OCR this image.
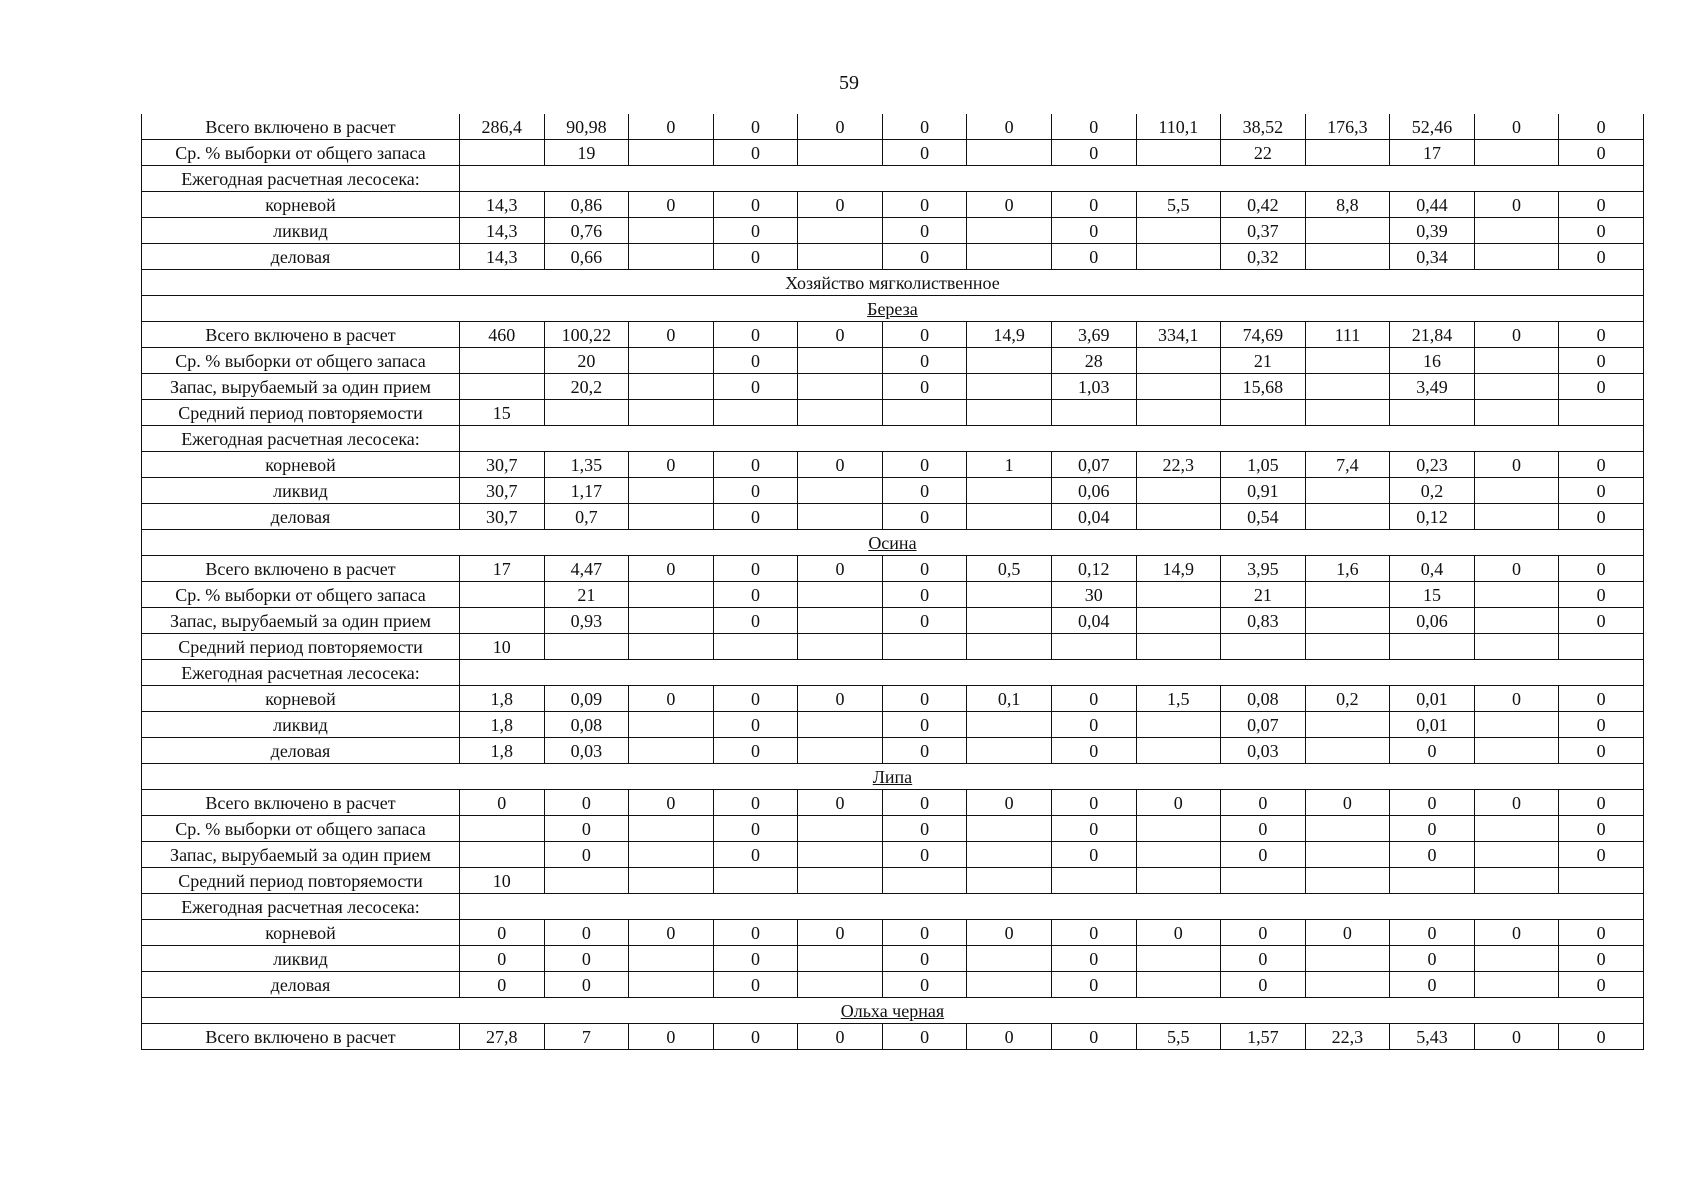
59
Всего включено в расчет	286,4	90,98	0	0	0	0	0	0	110,1	38,52	176,3	52,46	0	0
Ср. % выборки от общего запаса		19		0		0		0		22		17		0
Ежегодная расчетная лесосека:														
корневой	14,3	0,86	0	0	0	0	0	0	5,5	0,42	8,8	0,44	0	0
ликвид	14,3	0,76		0		0		0		0,37		0,39		0
деловая	14,3	0,66		0		0		0		0,32		0,34		0
Хозяйство мягколиственное														
Береза														
Всего включено в расчет	460	100,22	0	0	0	0	14,9	3,69	334,1	74,69	111	21,84	0	0
Ср. % выборки от общего запаса		20		0		0		28		21		16		0
Запас, вырубаемый за один прием		20,2		0		0		1,03		15,68		3,49		0
Средний период повторяемости	15													
Ежегодная расчетная лесосека:														
корневой	30,7	1,35	0	0	0	0	1	0,07	22,3	1,05	7,4	0,23	0	0
ликвид	30,7	1,17		0		0		0,06		0,91		0,2		0
деловая	30,7	0,7		0		0		0,04		0,54		0,12		0
Осина														
Всего включено в расчет	17	4,47	0	0	0	0	0,5	0,12	14,9	3,95	1,6	0,4	0	0
Ср. % выборки от общего запаса		21		0		0		30		21		15		0
Запас, вырубаемый за один прием		0,93		0		0		0,04		0,83		0,06		0
Средний период повторяемости	10													
Ежегодная расчетная лесосека:														
корневой	1,8	0,09	0	0	0	0	0,1	0	1,5	0,08	0,2	0,01	0	0
ликвид	1,8	0,08		0		0		0		0,07		0,01		0
деловая	1,8	0,03		0		0		0		0,03		0		0
Липа														
Всего включено в расчет	0	0	0	0	0	0	0	0	0	0	0	0	0	0
Ср. % выборки от общего запаса		0		0		0		0		0		0		0
Запас, вырубаемый за один прием		0		0		0		0		0		0		0
Средний период повторяемости	10													
Ежегодная расчетная лесосека:														
корневой	0	0	0	0	0	0	0	0	0	0	0	0	0	0
ликвид	0	0		0		0		0		0		0		0
деловая	0	0		0		0		0		0		0		0
Ольха черная														
Всего включено в расчет	27,8	7	0	0	0	0	0	0	5,5	1,57	22,3	5,43	0	0
